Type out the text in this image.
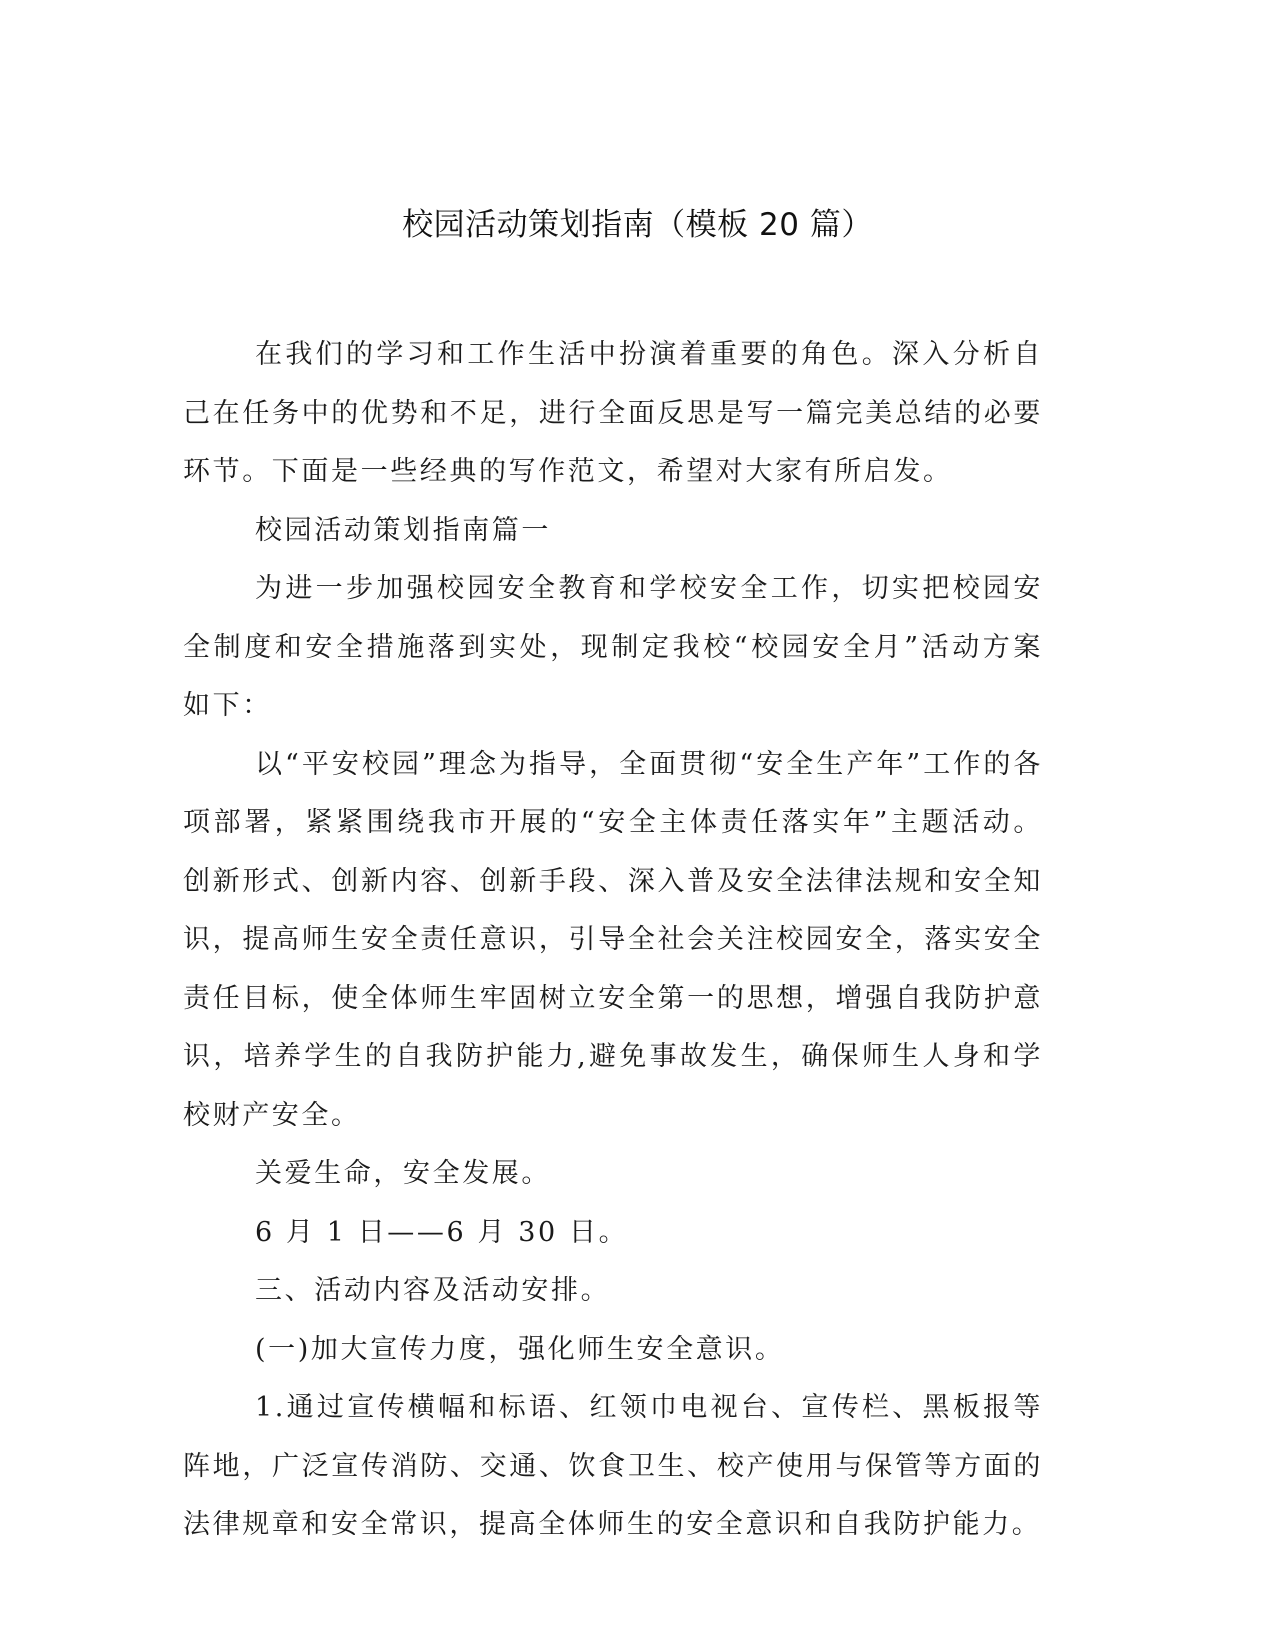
校园活动策划指南（模板 20 篇）

在我们的学习和工作生活中扮演着重要的角色。深入分析自己在任务中的优势和不足，进行全面反思是写一篇完美总结的必要环节。下面是一些经典的写作范文，希望对大家有所启发。

校园活动策划指南篇一

为进一步加强校园安全教育和学校安全工作，切实把校园安全制度和安全措施落到实处，现制定我校“校园安全月”活动方案如下：

以“平安校园”理念为指导，全面贯彻“安全生产年”工作的各项部署，紧紧围绕我市开展的“安全主体责任落实年”主题活动。创新形式、创新内容、创新手段、深入普及安全法律法规和安全知识，提高师生安全责任意识，引导全社会关注校园安全，落实安全责任目标，使全体师生牢固树立安全第一的思想，增强自我防护意识，培养学生的自我防护能力,避免事故发生，确保师生人身和学校财产安全。

关爱生命，安全发展。

6 月 1 日——6 月 30 日。

三、活动内容及活动安排。

(一)加大宣传力度，强化师生安全意识。

1.通过宣传横幅和标语、红领巾电视台、宣传栏、黑板报等阵地，广泛宣传消防、交通、饮食卫生、校产使用与保管等方面的法律规章和安全常识，提高全体师生的安全意识和自我防护能力。
